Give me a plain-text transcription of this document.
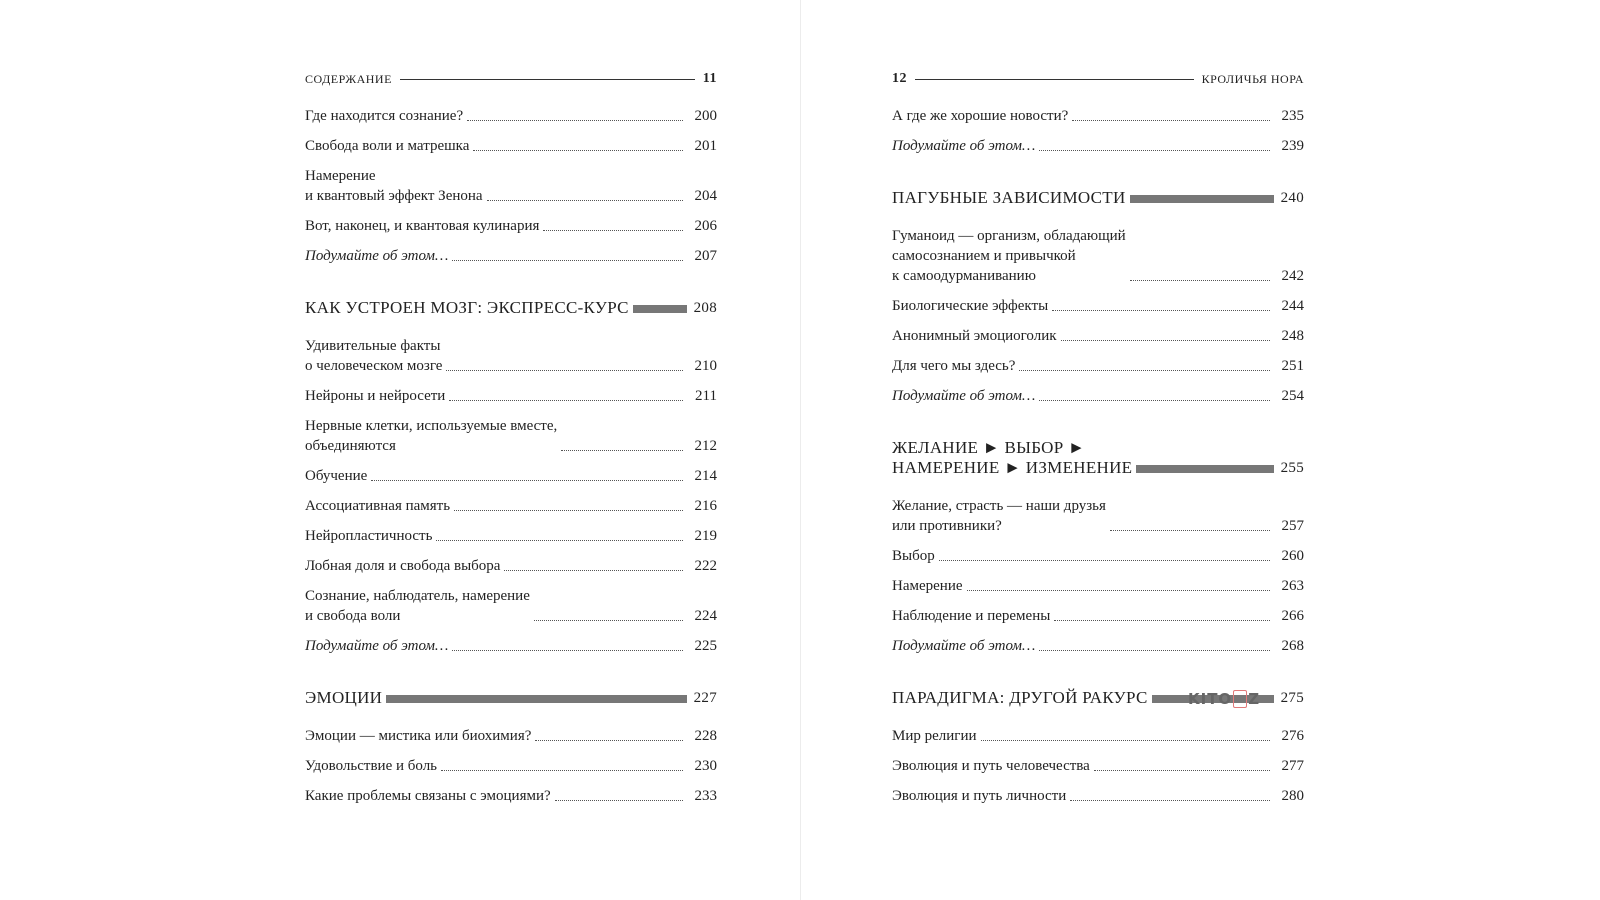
СОДЕРЖАНИЕ	11
Где находится сознание?	200
Свобода воли и матрешка	201
Намерение
и квантовый эффект Зенона	204
Вот, наконец, и квантовая кулинария	206
Подумайте об этом…	207
КАК УСТРОЕН МОЗГ: ЭКСПРЕСС-КУРС	208
Удивительные факты
о человеческом мозге	210
Нейроны и нейросети	211
Нервные клетки, используемые вместе,
объединяются	212
Обучение	214
Ассоциативная память	216
Нейропластичность	219
Лобная доля и свобода выбора	222
Сознание, наблюдатель, намерение
и свобода воли	224
Подумайте об этом…	225
ЭМОЦИИ	227
Эмоции — мистика или биохимия?	228
Удовольствие и боль	230
Какие проблемы связаны с эмоциями?	233
12	КРОЛИЧЬЯ НОРА
А где же хорошие новости?	235
Подумайте об этом…	239
ПАГУБНЫЕ ЗАВИСИМОСТИ	240
Гуманоид — организм, обладающий
самосознанием и привычкой
к самоодурманиванию	242
Биологические эффекты	244
Анонимный эмоциоголик	248
Для чего мы здесь?	251
Подумайте об этом…	254
ЖЕЛАНИЕ ► ВЫБОР ►
НАМЕРЕНИЕ ► ИЗМЕНЕНИЕ	255
Желание, страсть — наши друзья
или противники?	257
Выбор	260
Намерение	263
Наблюдение и перемены	266
Подумайте об этом…	268
ПАРАДИГМА: ДРУГОЙ РАКУРС	275
Мир религии	276
Эволюция и путь человечества	277
Эволюция и путь личности	280
KITO Z
